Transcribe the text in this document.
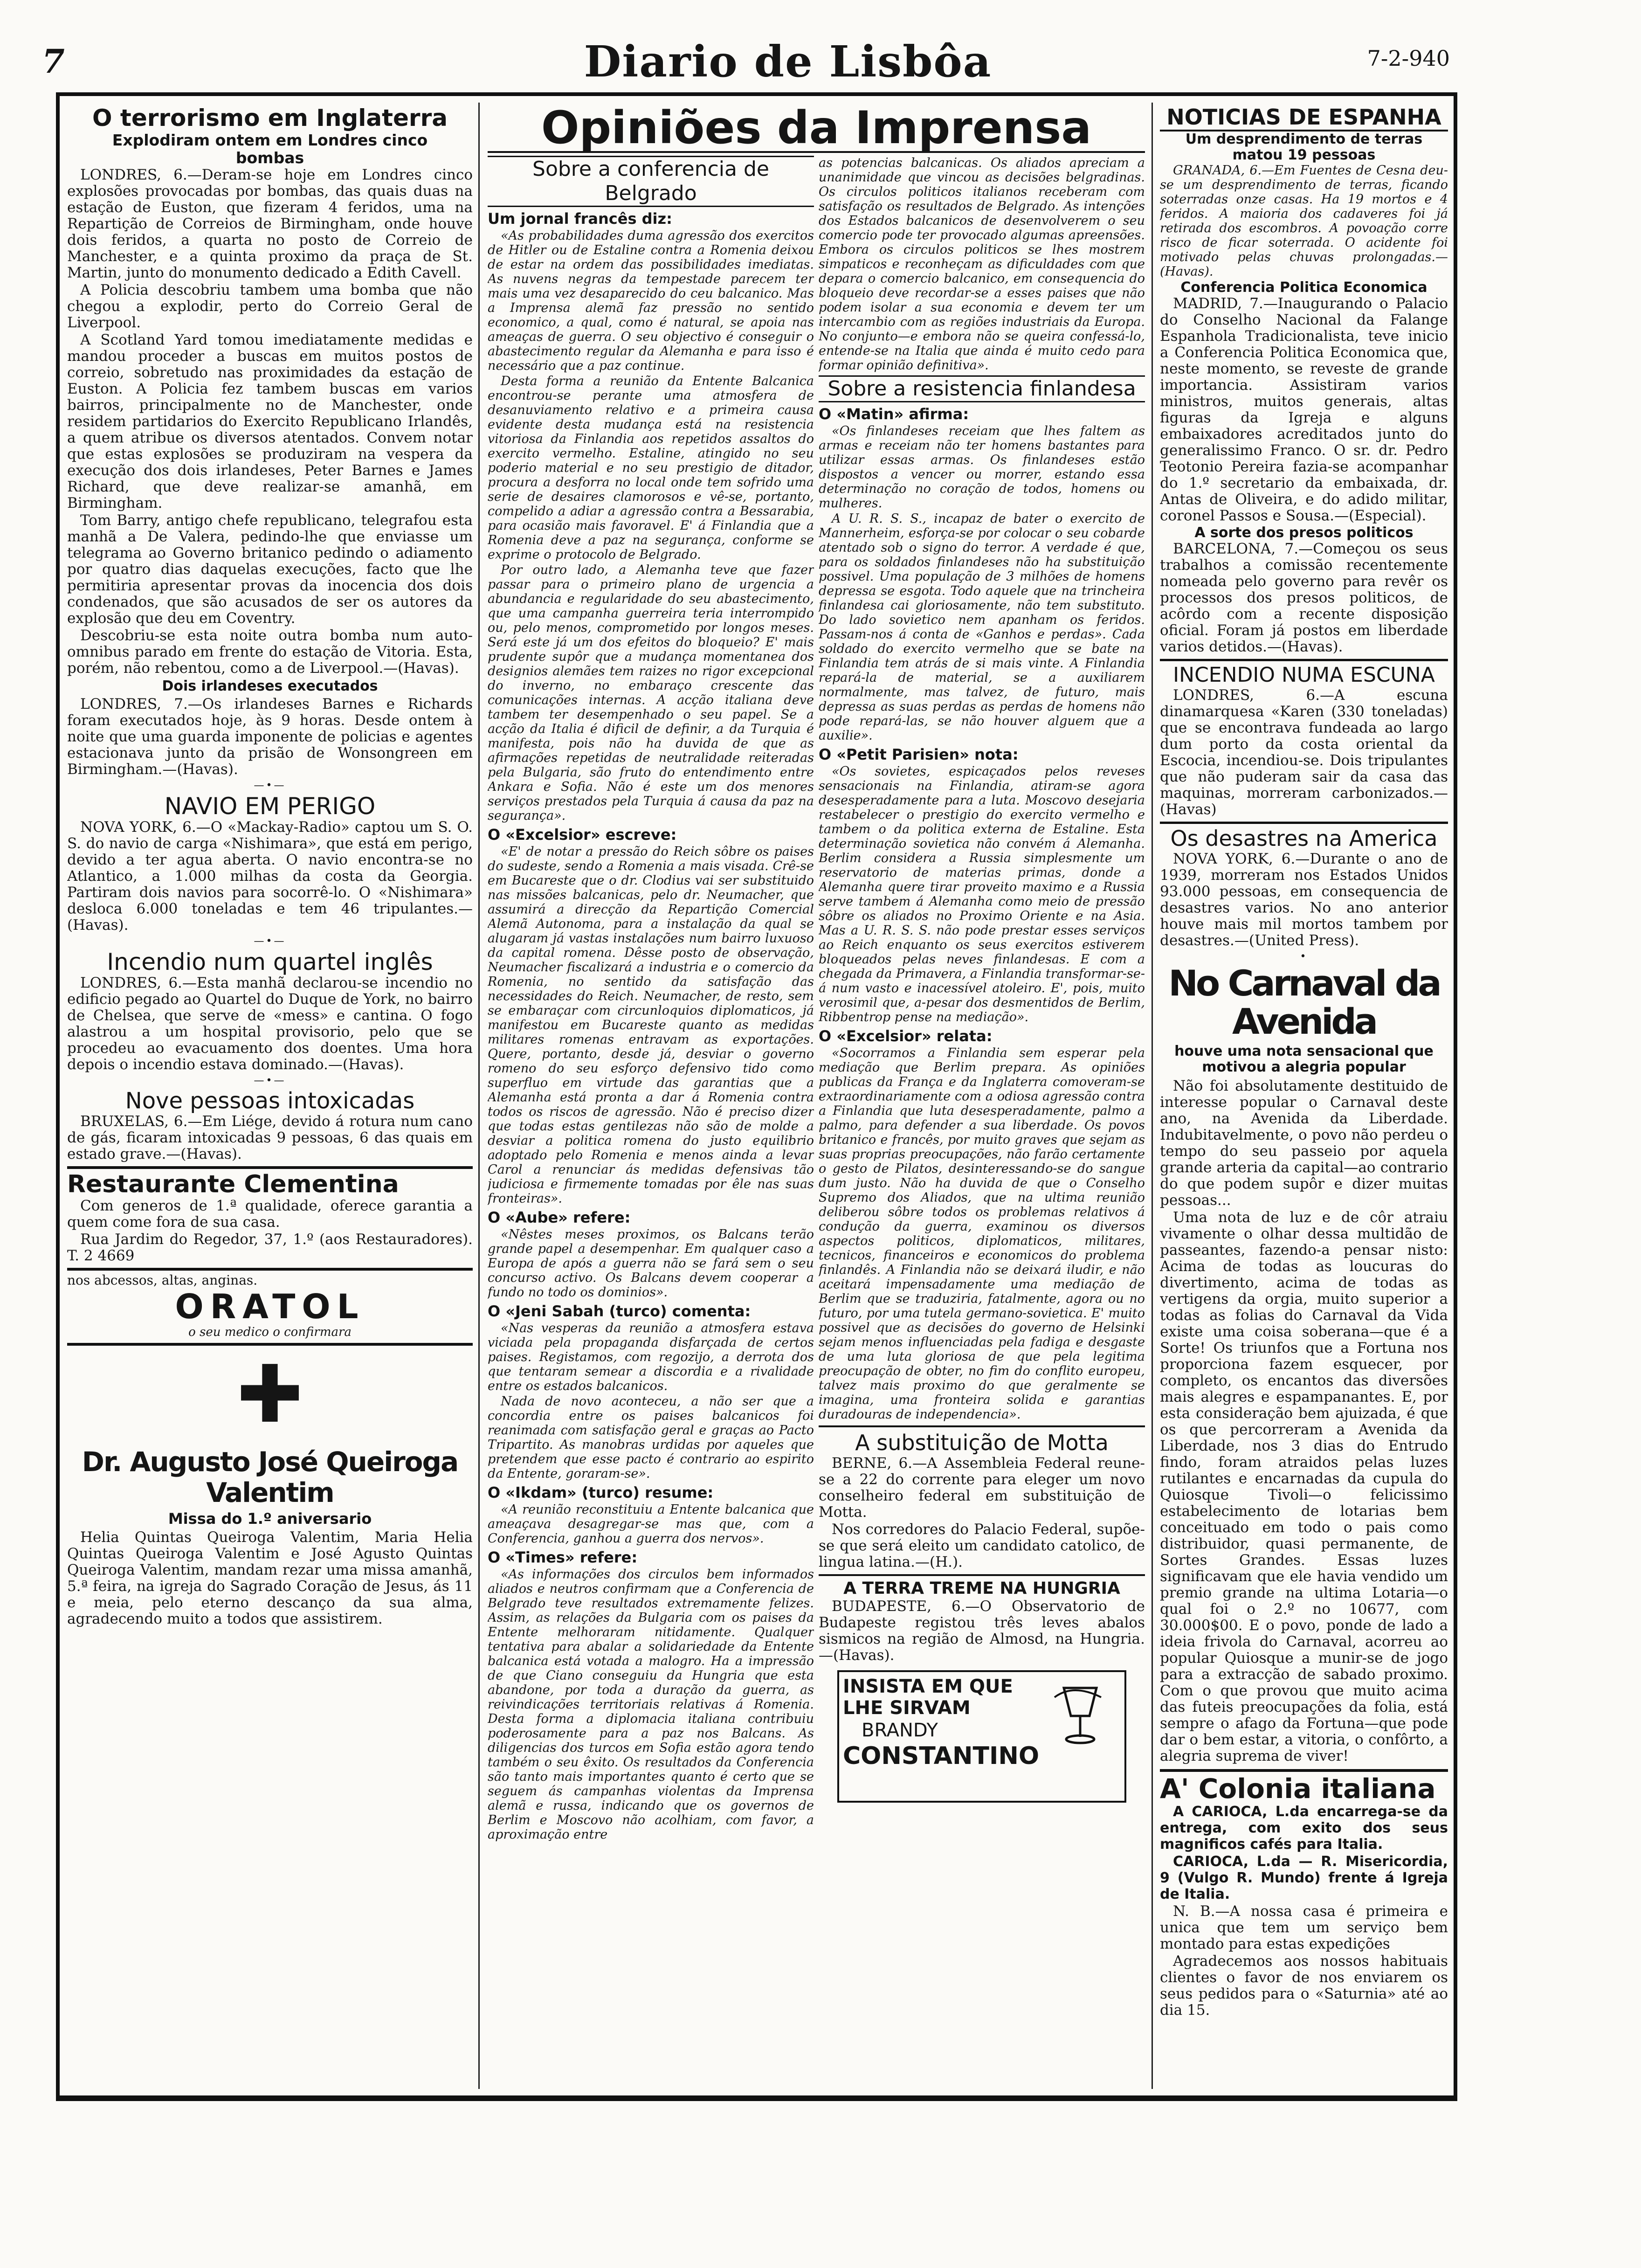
7	Diario de Lisbôa	7-2-940
O terrorismo em Inglaterra
Explodiram ontem em Londres cinco bombas

LONDRES, 6.—Deram-se hoje em Londres cinco explosões provocadas por bombas, das quais duas na estação de Euston, que fizeram 4 feridos, uma na Repartição de Correios de Birmingham, onde houve dois feridos, a quarta no posto de Correio de Manchester, e a quinta proximo da praça de St. Martin, junto do monumento dedicado a Edith Cavell.

A Policia descobriu tambem uma bomba que não chegou a explodir, perto do Correio Geral de Liverpool.

A Scotland Yard tomou imediatamente medidas e mandou proceder a buscas em muitos postos de correio, sobretudo nas proximidades da estação de Euston. A Policia fez tambem buscas em varios bairros, principalmente no de Manchester, onde residem partidarios do Exercito Republicano Irlandês, a quem atribue os diversos atentados. Convem notar que estas explosões se produziram na vespera da execução dos dois irlandeses, Peter Barnes e James Richard, que deve realizar-se amanhã, em Birmingham.

Tom Barry, antigo chefe republicano, telegrafou esta manhã a De Valera, pedindo-lhe que enviasse um telegrama ao Governo britanico pedindo o adiamento por quatro dias daquelas execuções, facto que lhe permitiria apresentar provas da inocencia dos dois condenados, que são acusados de ser os autores da explosão que deu em Coventry.

Descobriu-se esta noite outra bomba num auto-omnibus parado em frente do estação de Vitoria. Esta, porém, não rebentou, como a de Liverpool.—(Havas).

Dois irlandeses executados

LONDRES, 7.—Os irlandeses Barnes e Richards foram executados hoje, às 9 horas. Desde ontem à noite que uma guarda imponente de policias e agentes estacionava junto da prisão de Wonsongreen em Birmingham.—(Havas).

—•—
NAVIO EM PERIGO

NOVA YORK, 6.—O «Mackay-Radio» captou um S. O. S. do navio de carga «Nishimara», que está em perigo, devido a ter agua aberta. O navio encontra-se no Atlantico, a 1.000 milhas da costa da Georgia. Partiram dois navios para socorrê-lo. O «Nishimara» desloca 6.000 toneladas e tem 46 tripulantes.—(Havas).

—•—
Incendio num quartel inglês

LONDRES, 6.—Esta manhã declarou-se incendio no edificio pegado ao Quartel do Duque de York, no bairro de Chelsea, que serve de «mess» e cantina. O fogo alastrou a um hospital provisorio, pelo que se procedeu ao evacuamento dos doentes. Uma hora depois o incendio estava dominado.—(Havas).

—•—
Nove pessoas intoxicadas

BRUXELAS, 6.—Em Liége, devido á rotura num cano de gás, ficaram intoxicadas 9 pessoas, 6 das quais em estado grave.—(Havas).

Restaurante Clementina

Com generos de 1.ª qualidade, oferece garantia a quem come fora de sua casa.

Rua Jardim do Regedor, 37, 1.º (aos Restauradores). T. 2 4669

nos abcessos, altas, anginas.
ORATOL
o seu medico o confirmara
✚
Dr. Augusto José Queiroga Valentim
Missa do 1.º aniversario

Helia Quintas Queiroga Valentim, Maria Helia Quintas Queiroga Valentim e José Agusto Quintas Queiroga Valentim, mandam rezar uma missa amanhã, 5.ª feira, na igreja do Sagrado Coração de Jesus, ás 11 e meia, pelo eterno descanço da sua alma, agradecendo muito a todos que assistirem.

Opiniões da Imprensa
Sobre a conferencia de Belgrado
Um jornal francês diz:

«As probabilidades duma agressão dos exercitos de Hitler ou de Estaline contra a Romenia deixou de estar na ordem das possibilidades imediatas. As nuvens negras da tempestade parecem ter mais uma vez desaparecido do ceu balcanico. Mas a Imprensa alemã faz pressão no sentido economico, a qual, como é natural, se apoia nas ameaças de guerra. O seu objectivo é conseguir o abastecimento regular da Alemanha e para isso é necessário que a paz continue.

Desta forma a reunião da Entente Balcanica encontrou-se perante uma atmosfera de desanuviamento relativo e a primeira causa evidente desta mudança está na resistencia vitoriosa da Finlandia aos repetidos assaltos do exercito vermelho. Estaline, atingido no seu poderio material e no seu prestigio de ditador, procura a desforra no local onde tem sofrido uma serie de desaires clamorosos e vê-se, portanto, compelido a adiar a agressão contra a Bessarabia, para ocasião mais favoravel. E' á Finlandia que a Romenia deve a paz na segurança, conforme se exprime o protocolo de Belgrado.

Por outro lado, a Alemanha teve que fazer passar para o primeiro plano de urgencia a abundancia e regularidade do seu abastecimento, que uma campanha guerreira teria interrompido ou, pelo menos, comprometido por longos meses. Será este já um dos efeitos do bloqueio? E' mais prudente supôr que a mudança momentanea dos designios alemães tem raizes no rigor excepcional do inverno, no embaraço crescente das comunicações internas. A acção italiana deve tambem ter desempenhado o seu papel. Se a acção da Italia é dificil de definir, a da Turquia é manifesta, pois não ha duvida de que as afirmações repetidas de neutralidade reiteradas pela Bulgaria, são fruto do entendimento entre Ankara e Sofia. Não é este um dos menores serviços prestados pela Turquia á causa da paz na segurança».

O «Excelsior» escreve:

«E' de notar a pressão do Reich sôbre os paises do sudeste, sendo a Romenia a mais visada. Crê-se em Bucareste que o dr. Clodius vai ser substituido nas missões balcanicas, pelo dr. Neumacher, que assumirá a direcção da Repartição Comercial Alemã Autonoma, para a instalação da qual se alugaram já vastas instalações num bairro luxuoso da capital romena. Dêsse posto de observação, Neumacher fiscalizará a industria e o comercio da Romenia, no sentido da satisfação das necessidades do Reich. Neumacher, de resto, sem se embaraçar com circunloquios diplomaticos, já manifestou em Bucareste quanto as medidas militares romenas entravam as exportações. Quere, portanto, desde já, desviar o governo romeno do seu esforço defensivo tido como superfluo em virtude das garantias que a Alemanha está pronta a dar á Romenia contra todos os riscos de agressão. Não é preciso dizer que todas estas gentilezas não são de molde a desviar a politica romena do justo equilibrio adoptado pelo Romenia e menos ainda a levar Carol a renunciar ás medidas defensivas tão judiciosa e firmemente tomadas por êle nas suas fronteiras».

O «Aube» refere:

«Nêstes meses proximos, os Balcans terão grande papel a desempenhar. Em qualquer caso a Europa de após a guerra não se fará sem o seu concurso activo. Os Balcans devem cooperar a fundo no todo os dominios».

O «Jeni Sabah (turco) comenta:

«Nas vesperas da reunião a atmosfera estava viciada pela propaganda disfarçada de certos paises. Registamos, com regozijo, a derrota dos que tentaram semear a discordia e a rivalidade entre os estados balcanicos.

Nada de novo aconteceu, a não ser que a concordia entre os paises balcanicos foi reanimada com satisfação geral e graças ao Pacto Tripartito. As manobras urdidas por aqueles que pretendem que esse pacto é contrario ao espirito da Entente, goraram-se».

O «Ikdam» (turco) resume:

«A reunião reconstituiu a Entente balcanica que ameaçava desagregar-se mas que, com a Conferencia, ganhou a guerra dos nervos».

O «Times» refere:

«As informações dos circulos bem informados aliados e neutros confirmam que a Conferencia de Belgrado teve resultados extremamente felizes. Assim, as relações da Bulgaria com os paises da Entente melhoraram nitidamente. Qualquer tentativa para abalar a solidariedade da Entente balcanica está votada a malogro. Ha a impressão de que Ciano conseguiu da Hungria que esta abandone, por toda a duração da guerra, as reivindicações territoriais relativas á Romenia. Desta forma a diplomacia italiana contribuiu poderosamente para a paz nos Balcans. As diligencias dos turcos em Sofia estão agora tendo também o seu êxito. Os resultados da Conferencia são tanto mais importantes quanto é certo que se seguem ás campanhas violentas da Imprensa alemã e russa, indicando que os governos de Berlim e Moscovo não acolhiam, com favor, a aproximação entre

as potencias balcanicas. Os aliados apreciam a unanimidade que vincou as decisões belgradinas. Os circulos politicos italianos receberam com satisfação os resultados de Belgrado. As intenções dos Estados balcanicos de desenvolverem o seu comercio pode ter provocado algumas apreensões. Embora os circulos politicos se lhes mostrem simpaticos e reconheçam as dificuldades com que depara o comercio balcanico, em consequencia do bloqueio deve recordar-se a esses paises que não podem isolar a sua economia e devem ter um intercambio com as regiões industriais da Europa. No conjunto—e embora não se queira confessá-lo, entende-se na Italia que ainda é muito cedo para formar opinião definitiva».

Sobre a resistencia finlandesa
O «Matin» afirma:

«Os finlandeses receiam que lhes faltem as armas e receiam não ter homens bastantes para utilizar essas armas. Os finlandeses estão dispostos a vencer ou morrer, estando essa determinação no coração de todos, homens ou mulheres.

A U. R. S. S., incapaz de bater o exercito de Mannerheim, esforça-se por colocar o seu cobarde atentado sob o signo do terror. A verdade é que, para os soldados finlandeses não ha substituição possivel. Uma população de 3 milhões de homens depressa se esgota. Todo aquele que na trincheira finlandesa cai gloriosamente, não tem substituto. Do lado sovietico nem apanham os feridos. Passam-nos á conta de «Ganhos e perdas». Cada soldado do exercito vermelho que se bate na Finlandia tem atrás de si mais vinte. A Finlandia repará-la de material, se a auxiliarem normalmente, mas talvez, de futuro, mais depressa as suas perdas as perdas de homens não pode repará-las, se não houver alguem que a auxilie».

O «Petit Parisien» nota:

«Os sovietes, espicaçados pelos reveses sensacionais na Finlandia, atiram-se agora desesperadamente para a luta. Moscovo desejaria restabelecer o prestigio do exercito vermelho e tambem o da politica externa de Estaline. Esta determinação sovietica não convém á Alemanha. Berlim considera a Russia simplesmente um reservatorio de materias primas, donde a Alemanha quere tirar proveito maximo e a Russia serve tambem á Alemanha como meio de pressão sôbre os aliados no Proximo Oriente e na Asia. Mas a U. R. S. S. não pode prestar esses serviços ao Reich enquanto os seus exercitos estiverem bloqueados pelas neves finlandesas. E com a chegada da Primavera, a Finlandia transformar-se-á num vasto e inacessível atoleiro. E', pois, muito verosimil que, a-pesar dos desmentidos de Berlim, Ribbentrop pense na mediação».

O «Excelsior» relata:

«Socorramos a Finlandia sem esperar pela mediação que Berlim prepara. As opiniões publicas da França e da Inglaterra comoveram-se extraordinariamente com a odiosa agressão contra a Finlandia que luta desesperadamente, palmo a palmo, para defender a sua liberdade. Os povos britanico e francês, por muito graves que sejam as suas proprias preocupações, não farão certamente o gesto de Pilatos, desinteressando-se do sangue dum justo. Não ha duvida de que o Conselho Supremo dos Aliados, que na ultima reunião deliberou sôbre todos os problemas relativos á condução da guerra, examinou os diversos aspectos politicos, diplomaticos, militares, tecnicos, financeiros e economicos do problema finlandês. A Finlandia não se deixará iludir, e não aceitará impensadamente uma mediação de Berlim que se traduziria, fatalmente, agora ou no futuro, por uma tutela germano-sovietica. E' muito possivel que as decisões do governo de Helsinki sejam menos influenciadas pela fadiga e desgaste de uma luta gloriosa de que pela legitima preocupação de obter, no fim do conflito europeu, talvez mais proximo do que geralmente se imagina, uma fronteira solida e garantias duradouras de independencia».

A substituição de Motta

BERNE, 6.—A Assembleia Federal reune-se a 22 do corrente para eleger um novo conselheiro federal em substituição de Motta.

Nos corredores do Palacio Federal, supõe-se que será eleito um candidato catolico, de lingua latina.—(H.).

A TERRA TREME NA HUNGRIA

BUDAPESTE, 6.—O Observatorio de Budapeste registou três leves abalos sismicos na região de Almosd, na Hungria.—(Havas).

INSISTA EM QUE
LHE SIRVAM
BRANDY
CONSTANTINO
NOTICIAS DE ESPANHA
Um desprendimento de terras matou 19 pessoas

GRANADA, 6.—Em Fuentes de Cesna deu-se um desprendimento de terras, ficando soterradas onze casas. Ha 19 mortos e 4 feridos. A maioria dos cadaveres foi já retirada dos escombros. A povoação corre risco de ficar soterrada. O acidente foi motivado pelas chuvas prolongadas.—(Havas).

Conferencia Politica Economica

MADRID, 7.—Inaugurando o Palacio do Conselho Nacional da Falange Espanhola Tradicionalista, teve inicio a Conferencia Politica Economica que, neste momento, se reveste de grande importancia. Assistiram varios ministros, muitos generais, altas figuras da Igreja e alguns embaixadores acreditados junto do generalissimo Franco. O sr. dr. Pedro Teotonio Pereira fazia-se acompanhar do 1.º secretario da embaixada, dr. Antas de Oliveira, e do adido militar, coronel Passos e Sousa.—(Especial).

A sorte dos presos politicos

BARCELONA, 7.—Começou os seus trabalhos a comissão recentemente nomeada pelo governo para revêr os processos dos presos politicos, de acôrdo com a recente disposição oficial. Foram já postos em liberdade varios detidos.—(Havas).

INCENDIO NUMA ESCUNA

LONDRES, 6.—A escuna dinamarquesa «Karen (330 toneladas) que se encontrava fundeada ao largo dum porto da costa oriental da Escocia, incendiou-se. Dois tripulantes que não puderam sair da casa das maquinas, morreram carbonizados.—(Havas)

Os desastres na America

NOVA YORK, 6.—Durante o ano de 1939, morreram nos Estados Unidos 93.000 pessoas, em consequencia de desastres varios. No ano anterior houve mais mil mortos tambem por desastres.—(United Press).

•
No Carnaval da Avenida
houve uma nota sensacional que motivou a alegria popular

Não foi absolutamente destituido de interesse popular o Carnaval deste ano, na Avenida da Liberdade. Indubitavelmente, o povo não perdeu o tempo do seu passeio por aquela grande arteria da capital—ao contrario do que podem supôr e dizer muitas pessoas...

Uma nota de luz e de côr atraiu vivamente o olhar dessa multidão de passeantes, fazendo-a pensar nisto: Acima de todas as loucuras do divertimento, acima de todas as vertigens da orgia, muito superior a todas as folias do Carnaval da Vida existe uma coisa soberana—que é a Sorte! Os triunfos que a Fortuna nos proporciona fazem esquecer, por completo, os encantos das diversões mais alegres e espampanantes. E, por esta consideração bem ajuizada, é que os que percorreram a Avenida da Liberdade, nos 3 dias do Entrudo findo, foram atraidos pelas luzes rutilantes e encarnadas da cupula do Quiosque Tivoli—o felicissimo estabelecimento de lotarias bem conceituado em todo o pais como distribuidor, quasi permanente, de Sortes Grandes. Essas luzes significavam que ele havia vendido um premio grande na ultima Lotaria—o qual foi o 2.º no 10677, com 30.000$00. E o povo, ponde de lado a ideia frivola do Carnaval, acorreu ao popular Quiosque a munir-se de jogo para a extracção de sabado proximo. Com o que provou que muito acima das futeis preocupações da folia, está sempre o afago da Fortuna—que pode dar o bem estar, a vitoria, o confôrto, a alegria suprema de viver!

A' Colonia italiana

A CARIOCA, L.da encarrega-se da entrega, com exito dos seus magnificos cafés para Italia.

CARIOCA, L.da — R. Misericordia, 9 (Vulgo R. Mundo) frente á Igreja de Italia.

N. B.—A nossa casa é primeira e unica que tem um serviço bem montado para estas expedições

Agradecemos aos nossos habituais clientes o favor de nos enviarem os seus pedidos para o «Saturnia» até ao dia 15.
